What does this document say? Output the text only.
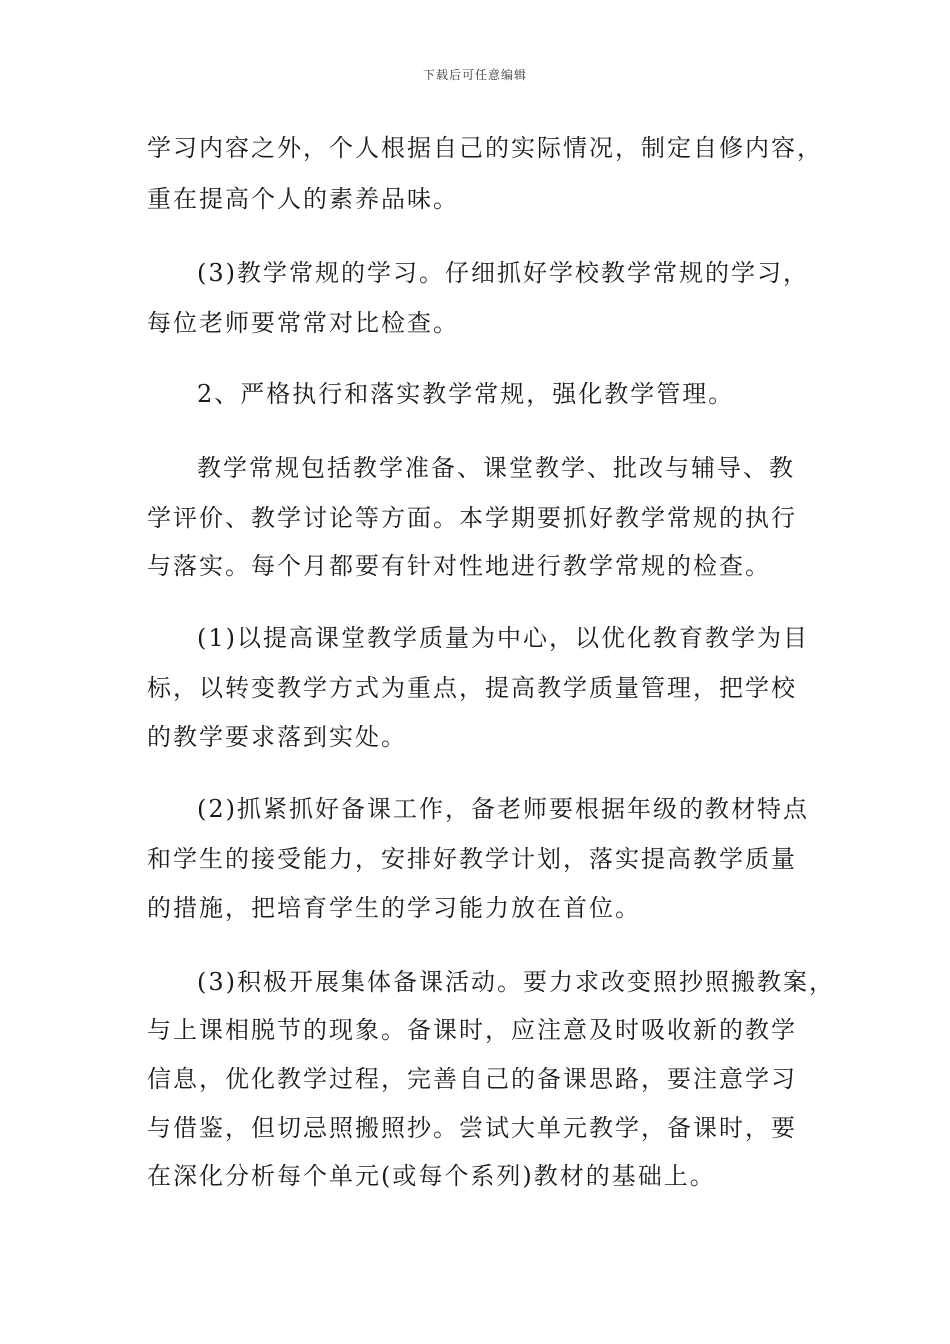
下载后可任意编辑
学习内容之外，个人根据自己的实际情况，制定自修内容，
重在提高个人的素养品味。
(3)教学常规的学习。仔细抓好学校教学常规的学习，
每位老师要常常对比检查。
2、严格执行和落实教学常规，强化教学管理。
教学常规包括教学准备、课堂教学、批改与辅导、教
学评价、教学讨论等方面。本学期要抓好教学常规的执行
与落实。每个月都要有针对性地进行教学常规的检查。
(1)以提高课堂教学质量为中心，以优化教育教学为目
标，以转变教学方式为重点，提高教学质量管理，把学校
的教学要求落到实处。
(2)抓紧抓好备课工作，备老师要根据年级的教材特点
和学生的接受能力，安排好教学计划，落实提高教学质量
的措施，把培育学生的学习能力放在首位。
(3)积极开展集体备课活动。要力求改变照抄照搬教案，
与上课相脱节的现象。备课时，应注意及时吸收新的教学
信息，优化教学过程，完善自己的备课思路，要注意学习
与借鉴，但切忌照搬照抄。尝试大单元教学，备课时，要
在深化分析每个单元(或每个系列)教材的基础上。
